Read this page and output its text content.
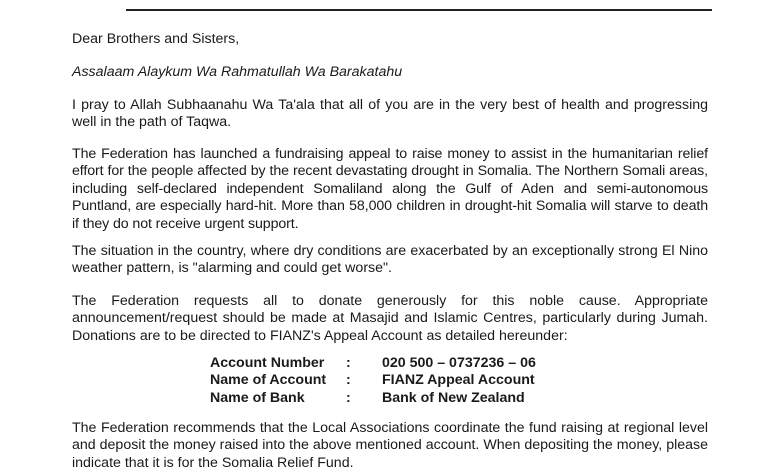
Dear Brothers and Sisters,
Assalaam Alaykum Wa Rahmatullah Wa Barakatahu
I pray to Allah Subhaanahu Wa Ta'ala that all of you are in the very best of health and progressing well in the path of Taqwa.
The Federation has launched a fundraising appeal to raise money to assist in the humanitarian relief effort for the people affected by the recent devastating drought in Somalia. The Northern Somali areas, including self-declared independent Somaliland along the Gulf of Aden and semi-autonomous Puntland, are especially hard-hit. More than 58,000 children in drought-hit Somalia will starve to death if they do not receive urgent support.
The situation in the country, where dry conditions are exacerbated by an exceptionally strong El Nino weather pattern, is "alarming and could get worse".
The Federation requests all to donate generously for this noble cause. Appropriate announcement/request should be made at Masajid and Islamic Centres, particularly during Jumah. Donations are to be directed to FIANZ's Appeal Account as detailed hereunder:
Account Number	:	020 500 – 0737236 – 06
Name of Account	:	FIANZ Appeal Account
Name of Bank	:	Bank of New Zealand
The Federation recommends that the Local Associations coordinate the fund raising at regional level and deposit the money raised into the above mentioned account. When depositing the money, please indicate that it is for the Somalia Relief Fund.
